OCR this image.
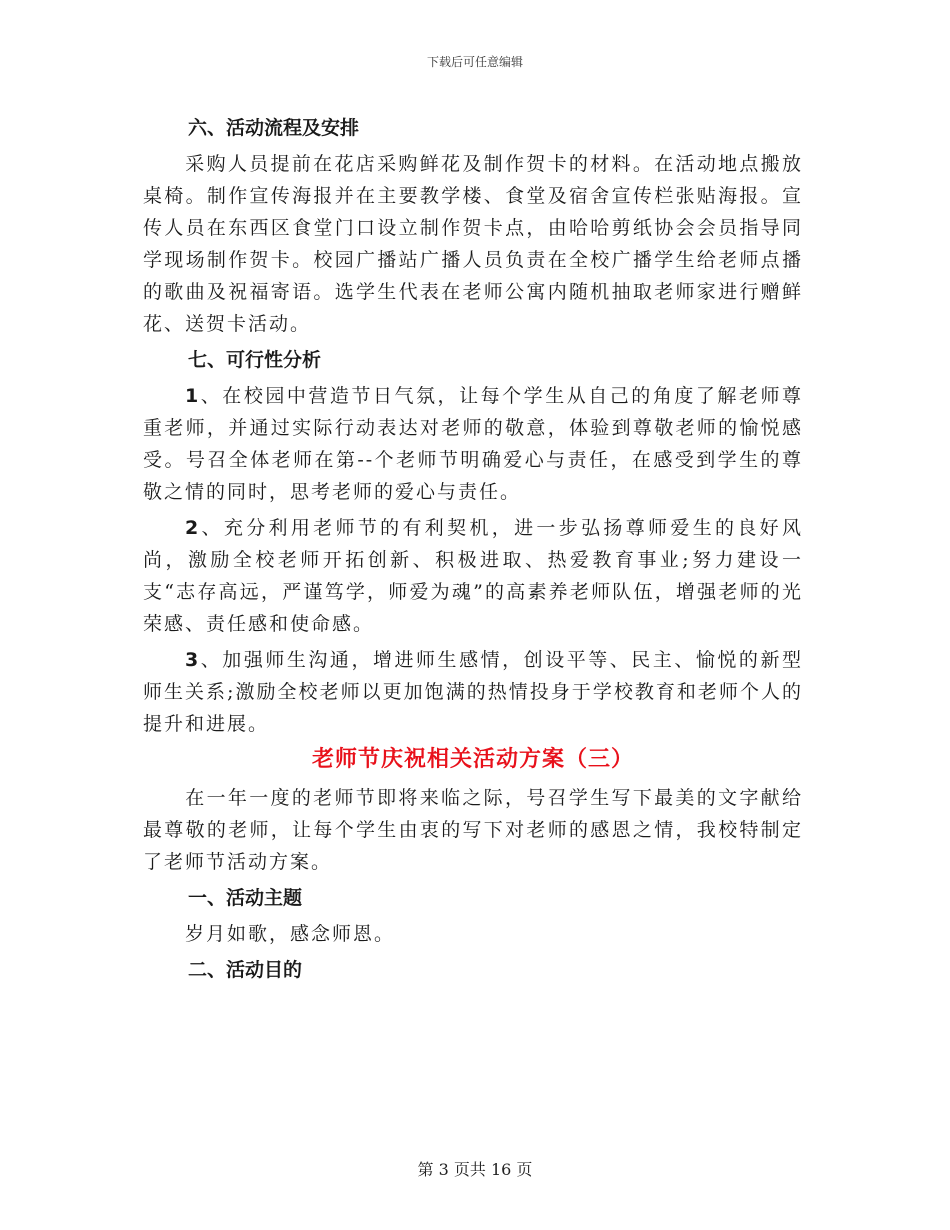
下载后可任意编辑
六、活动流程及安排

采购人员提前在花店采购鲜花及制作贺卡的材料。在活动地点搬放桌椅。制作宣传海报并在主要教学楼、食堂及宿舍宣传栏张贴海报。宣传人员在东西区食堂门口设立制作贺卡点，由哈哈剪纸协会会员指导同学现场制作贺卡。校园广播站广播人员负责在全校广播学生给老师点播的歌曲及祝福寄语。选学生代表在老师公寓内随机抽取老师家进行赠鲜花、送贺卡活动。

七、可行性分析

1、在校园中营造节日气氛，让每个学生从自己的角度了解老师尊重老师，并通过实际行动表达对老师的敬意，体验到尊敬老师的愉悦感受。号召全体老师在第--个老师节明确爱心与责任，在感受到学生的尊敬之情的同时，思考老师的爱心与责任。

2、充分利用老师节的有利契机，进一步弘扬尊师爱生的良好风尚，激励全校老师开拓创新、积极进取、热爱教育事业;努力建设一支“志存高远，严谨笃学，师爱为魂”的高素养老师队伍，增强老师的光荣感、责任感和使命感。

3、加强师生沟通，增进师生感情，创设平等、民主、愉悦的新型师生关系;激励全校老师以更加饱满的热情投身于学校教育和老师个人的提升和进展。

老师节庆祝相关活动方案（三）

在一年一度的老师节即将来临之际，号召学生写下最美的文字献给最尊敬的老师，让每个学生由衷的写下对老师的感恩之情，我校特制定了老师节活动方案。

一、活动主题

岁月如歌，感念师恩。

二、活动目的
第 3 页共 16 页
